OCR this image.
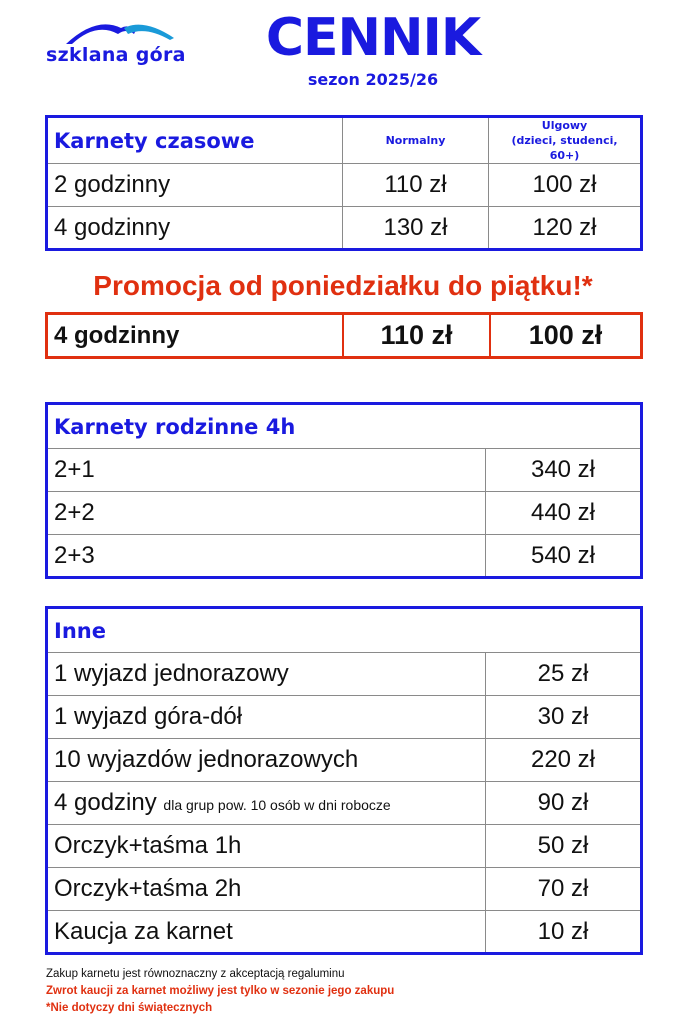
szklana góra	CENNIK
sezon 2025/26
Karnety czasowe	Normalny	Ulgowy
(dzieci, studenci, 60+)

2 godzinny	110 zł	100 zł
4 godzinny	130 zł	120 zł
Promocja od poniedziałku do piątku!*
4 godzinny	110 zł	100 zł
Karnety rodzinne 4h	
2+1	340 zł
2+2	440 zł
2+3	540 zł
Inne	
1 wyjazd jednorazowy	25 zł
1 wyjazd góra-dół	30 zł
10 wyjazdów jednorazowych	220 zł
4 godziny dla grup pow. 10 osób w dni robocze	90 zł
Orczyk+taśma 1h	50 zł
Orczyk+taśma 2h	70 zł
Kaucja za karnet	10 zł
Zakup karnetu jest równoznaczny z akceptacją regaluminu
Zwrot kaucji za karnet możliwy jest tylko w sezonie jego zakupu
*Nie dotyczy dni świątecznych
